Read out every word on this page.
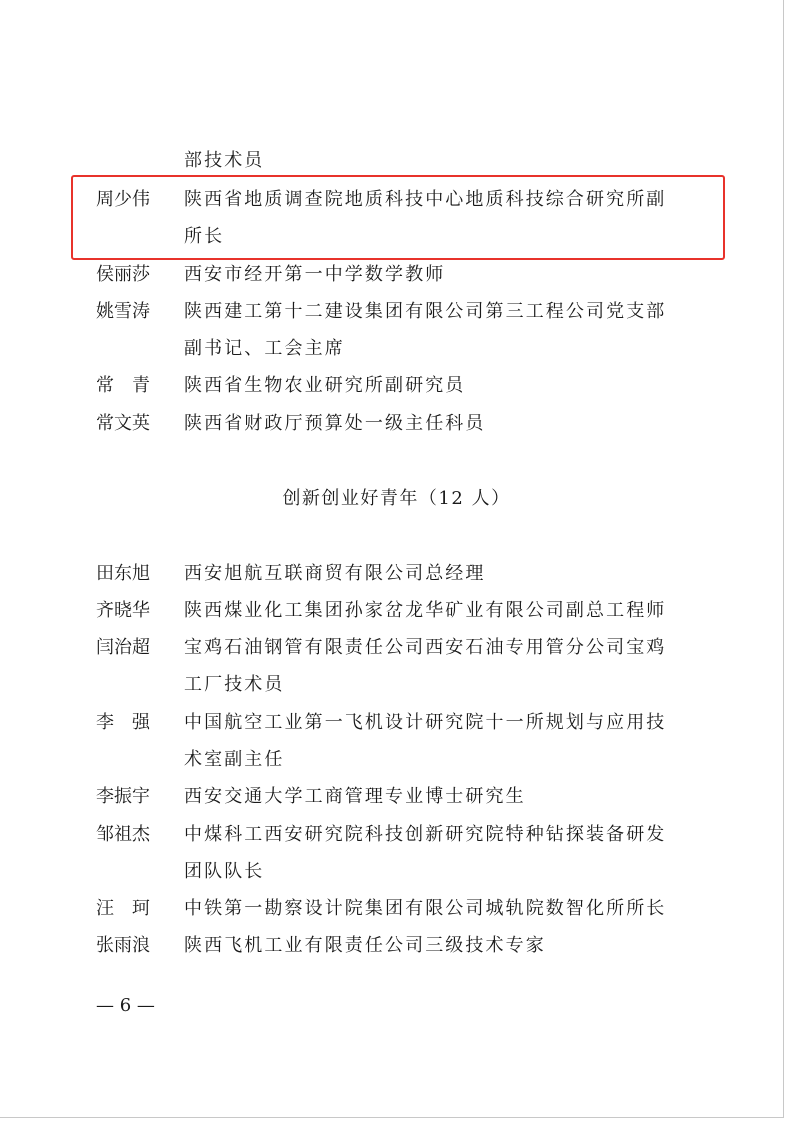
部技术员
周少伟	陕西省地质调查院地质科技中心地质科技综合研究所副
所长
侯丽莎	西安市经开第一中学数学教师
姚雪涛	陕西建工第十二建设集团有限公司第三工程公司党支部
副书记、工会主席
常　青	陕西省生物农业研究所副研究员
常文英	陕西省财政厅预算处一级主任科员
创新创业好青年（12 人）
田东旭	西安旭航互联商贸有限公司总经理
齐晓华	陕西煤业化工集团孙家岔龙华矿业有限公司副总工程师
闫治超	宝鸡石油钢管有限责任公司西安石油专用管分公司宝鸡
工厂技术员
李　强	中国航空工业第一飞机设计研究院十一所规划与应用技
术室副主任
李振宇	西安交通大学工商管理专业博士研究生
邹祖杰	中煤科工西安研究院科技创新研究院特种钻探装备研发
团队队长
汪　珂	中铁第一勘察设计院集团有限公司城轨院数智化所所长
张雨浪	陕西飞机工业有限责任公司三级技术专家
— 6 —
